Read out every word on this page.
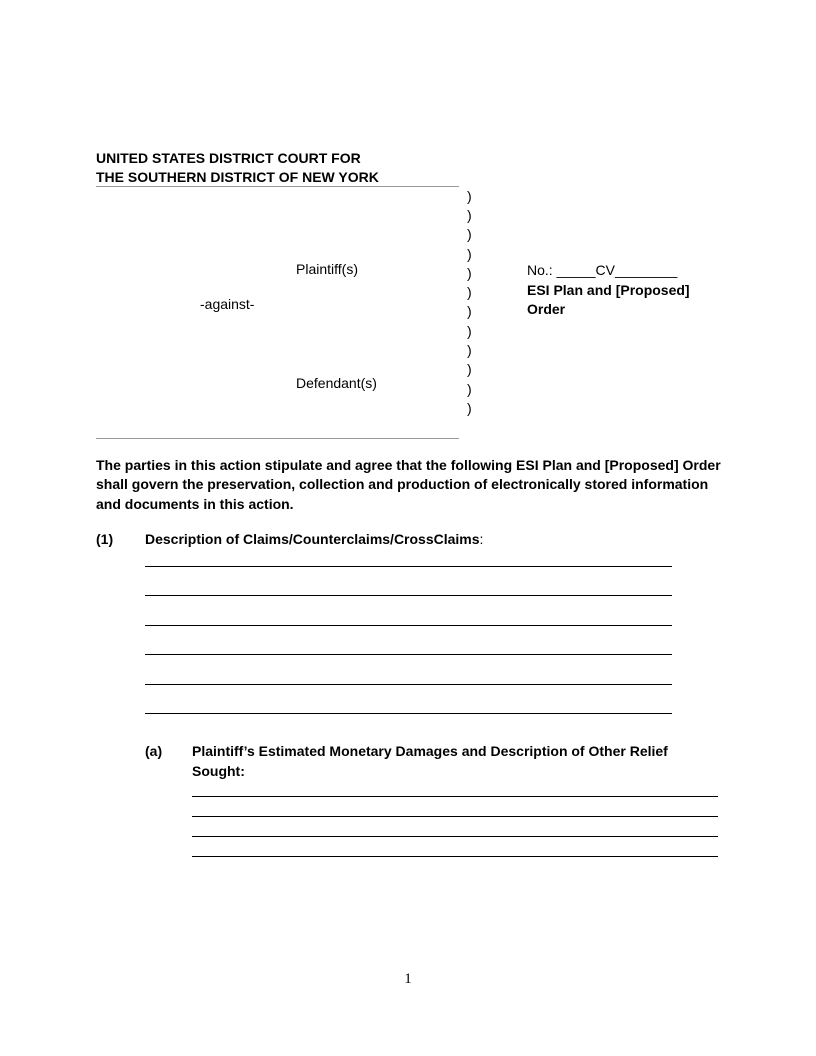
UNITED STATES DISTRICT COURT FOR
THE SOUTHERN DISTRICT OF NEW YORK
Plaintiff(s)
-against-
Defendant(s)
)
)
)
)
)
)
)
)
)
)
)
)
No.: _____CV________
ESI Plan and [Proposed]
Order
The parties in this action stipulate and agree that the following ESI Plan and [Proposed] Order
shall govern the preservation, collection and production of electronically stored information
and documents in this action.
(1) Description of Claims/Counterclaims/CrossClaims:
(a) Plaintiff’s Estimated Monetary Damages and Description of Other Relief
Sought:
1
